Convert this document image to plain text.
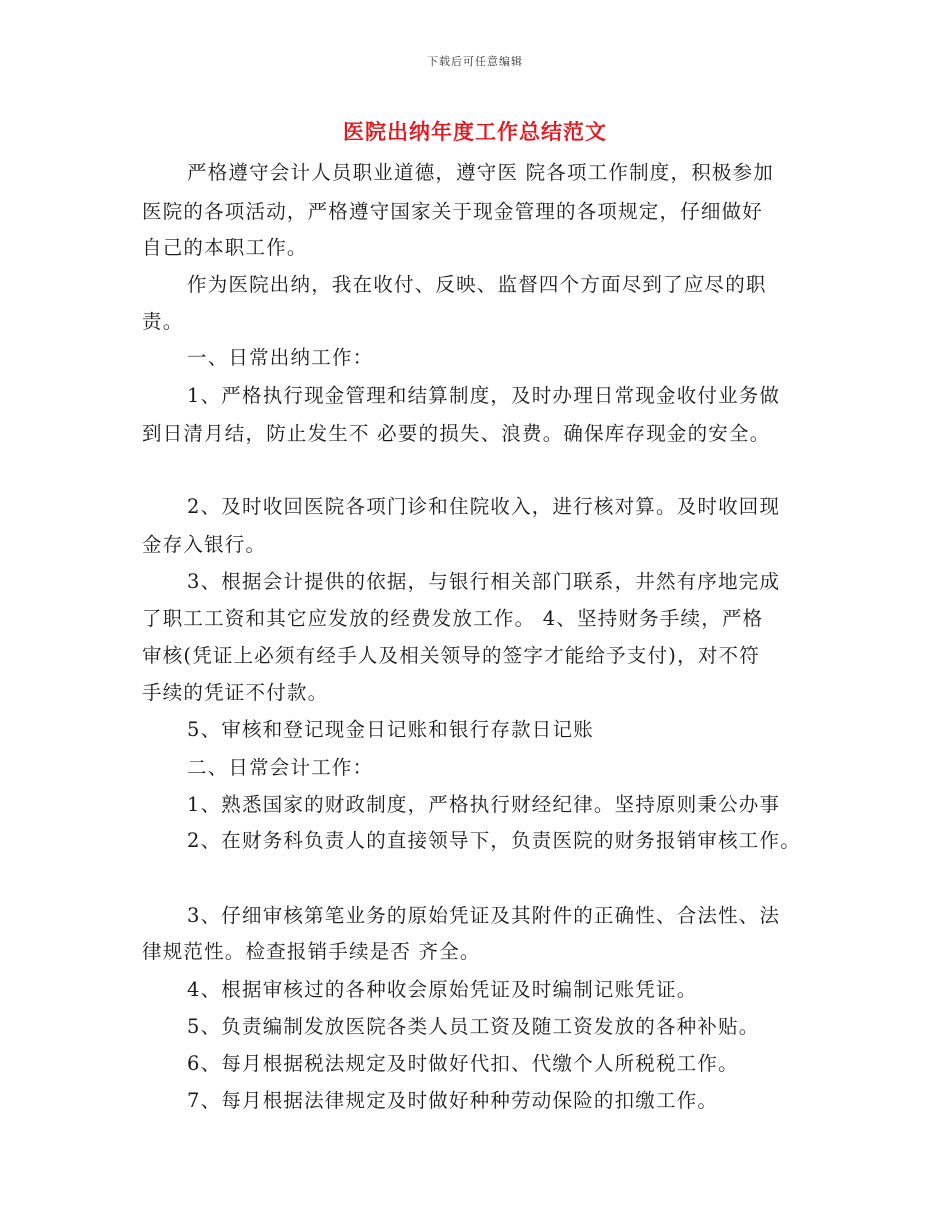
下载后可任意编辑
医院出纳年度工作总结范文
严格遵守会计人员职业道德，遵守医 院各项工作制度，积极参加
医院的各项活动，严格遵守国家关于现金管理的各项规定，仔细做好
自己的本职工作。
作为医院出纳，我在收付、反映、监督四个方面尽到了应尽的职
责。
一、日常出纳工作：
1、严格执行现金管理和结算制度，及时办理日常现金收付业务做
到日清月结，防止发生不 必要的损失、浪费。确保库存现金的安全。
2、及时收回医院各项门诊和住院收入，进行核对算。及时收回现
金存入银行。
3、根据会计提供的依据，与银行相关部门联系，井然有序地完成
了职工工资和其它应发放的经费发放工作。 4、坚持财务手续，严格
审核(凭证上必须有经手人及相关领导的签字才能给予支付)，对不符
手续的凭证不付款。
5、审核和登记现金日记账和银行存款日记账
二、日常会计工作：
1、熟悉国家的财政制度，严格执行财经纪律。坚持原则秉公办事
2、在财务科负责人的直接领导下，负责医院的财务报销审核工作。
3、仔细审核第笔业务的原始凭证及其附件的正确性、合法性、法
律规范性。检查报销手续是否 齐全。
4、根据审核过的各种收会原始凭证及时编制记账凭证。
5、负责编制发放医院各类人员工资及随工资发放的各种补贴。
6、每月根据税法规定及时做好代扣、代缴个人所税税工作。
7、每月根据法律规定及时做好种种劳动保险的扣缴工作。
